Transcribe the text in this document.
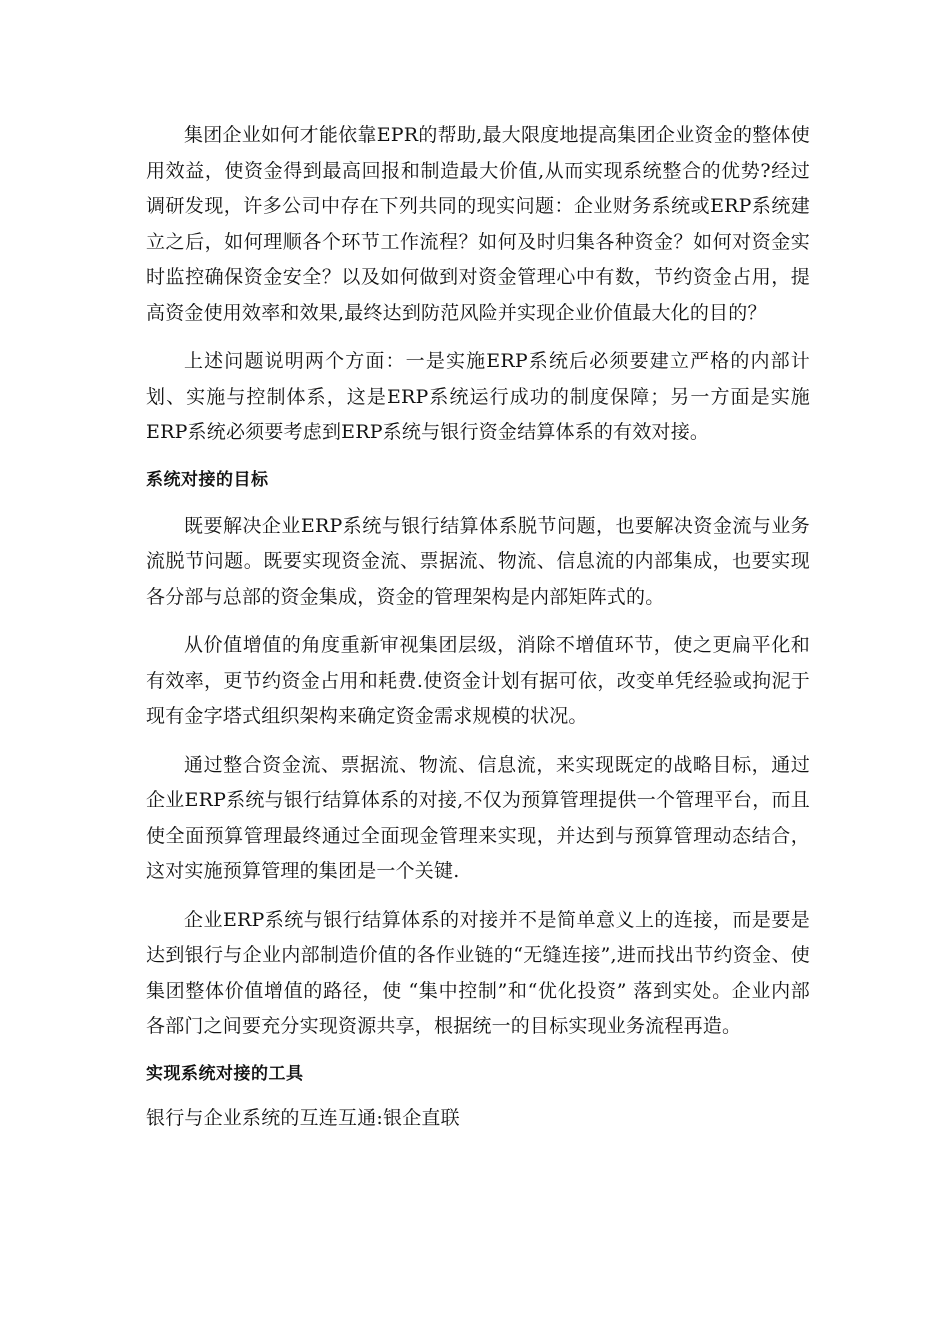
集团企业如何才能依靠EPR的帮助,最大限度地提高集团企业资金的整体使用效益，使资金得到最高回报和制造最大价值,从而实现系统整合的优势?经过调研发现，许多公司中存在下列共同的现实问题：企业财务系统或ERP系统建立之后，如何理顺各个环节工作流程？如何及时归集各种资金？如何对资金实时监控确保资金安全？以及如何做到对资金管理心中有数，节约资金占用，提高资金使用效率和效果,最终达到防范风险并实现企业价值最大化的目的？

上述问题说明两个方面：一是实施ERP系统后必须要建立严格的内部计划、实施与控制体系，这是ERP系统运行成功的制度保障；另一方面是实施ERP系统必须要考虑到ERP系统与银行资金结算体系的有效对接。

系统对接的目标

既要解决企业ERP系统与银行结算体系脱节问题，也要解决资金流与业务流脱节问题。既要实现资金流、票据流、物流、信息流的内部集成，也要实现各分部与总部的资金集成，资金的管理架构是内部矩阵式的。

从价值增值的角度重新审视集团层级，消除不增值环节，使之更扁平化和有效率，更节约资金占用和耗费.使资金计划有据可依，改变单凭经验或拘泥于现有金字塔式组织架构来确定资金需求规模的状况。

通过整合资金流、票据流、物流、信息流，来实现既定的战略目标，通过企业ERP系统与银行结算体系的对接,不仅为预算管理提供一个管理平台，而且使全面预算管理最终通过全面现金管理来实现，并达到与预算管理动态结合，这对实施预算管理的集团是一个关键.

企业ERP系统与银行结算体系的对接并不是简单意义上的连接，而是要是达到银行与企业内部制造价值的各作业链的“无缝连接”,进而找出节约资金、使集团整体价值增值的路径，使 “集中控制”和“优化投资” 落到实处。企业内部各部门之间要充分实现资源共享，根据统一的目标实现业务流程再造。

实现系统对接的工具
银行与企业系统的互连互通:银企直联
